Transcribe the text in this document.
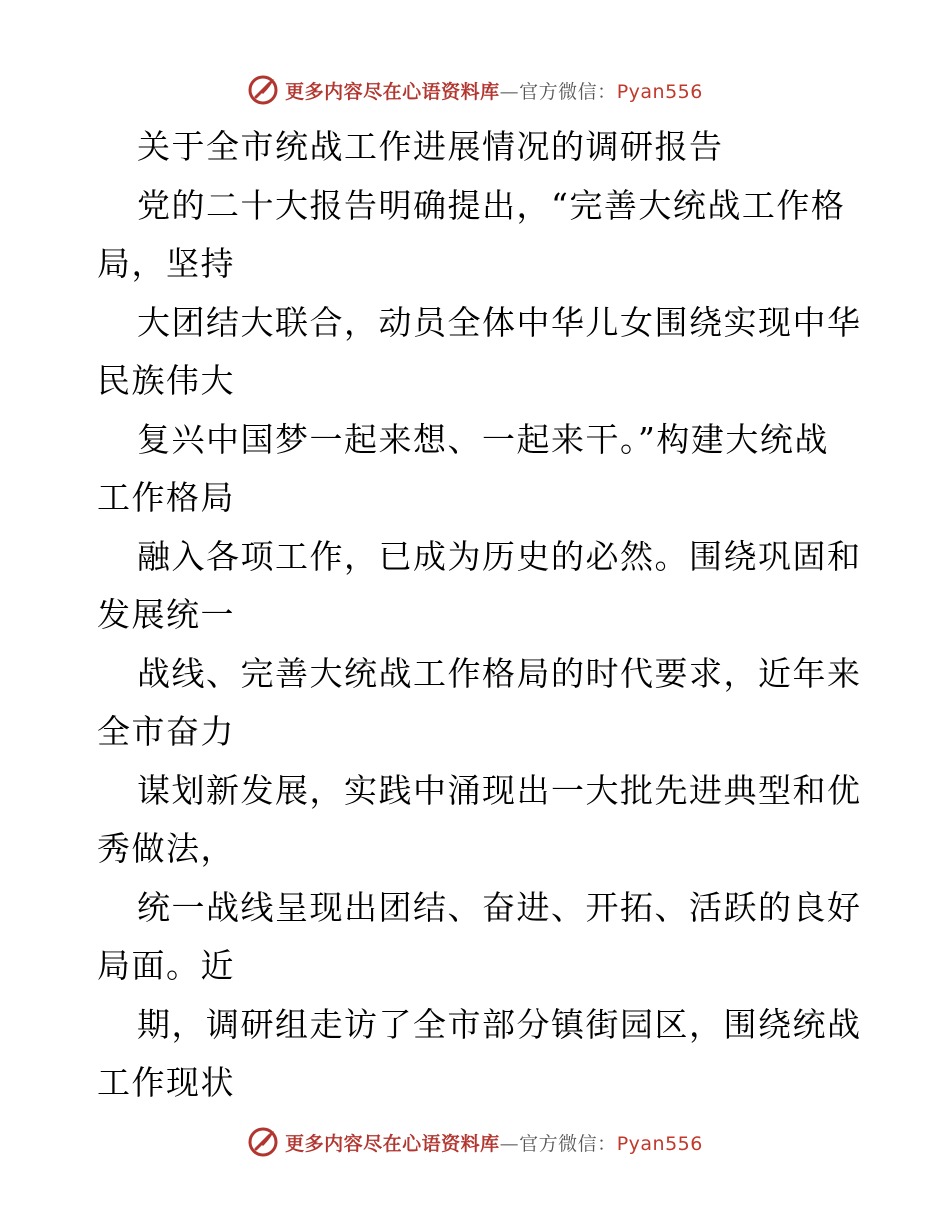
更多内容尽在心语资料库—官方微信：Pyan556
关于全市统战工作进展情况的调研报告
党的二十大报告明确提出，“完善大统战工作格
局，坚持
大团结大联合，动员全体中华儿女围绕实现中华
民族伟大
复兴中国梦一起来想、一起来干。”构建大统战
工作格局
融入各项工作，已成为历史的必然。围绕巩固和
发展统一
战线、完善大统战工作格局的时代要求，近年来
全市奋力
谋划新发展，实践中涌现出一大批先进典型和优
秀做法，
统一战线呈现出团结、奋进、开拓、活跃的良好
局面。近
期，调研组走访了全市部分镇街园区，围绕统战
工作现状
更多内容尽在心语资料库—官方微信：Pyan556
